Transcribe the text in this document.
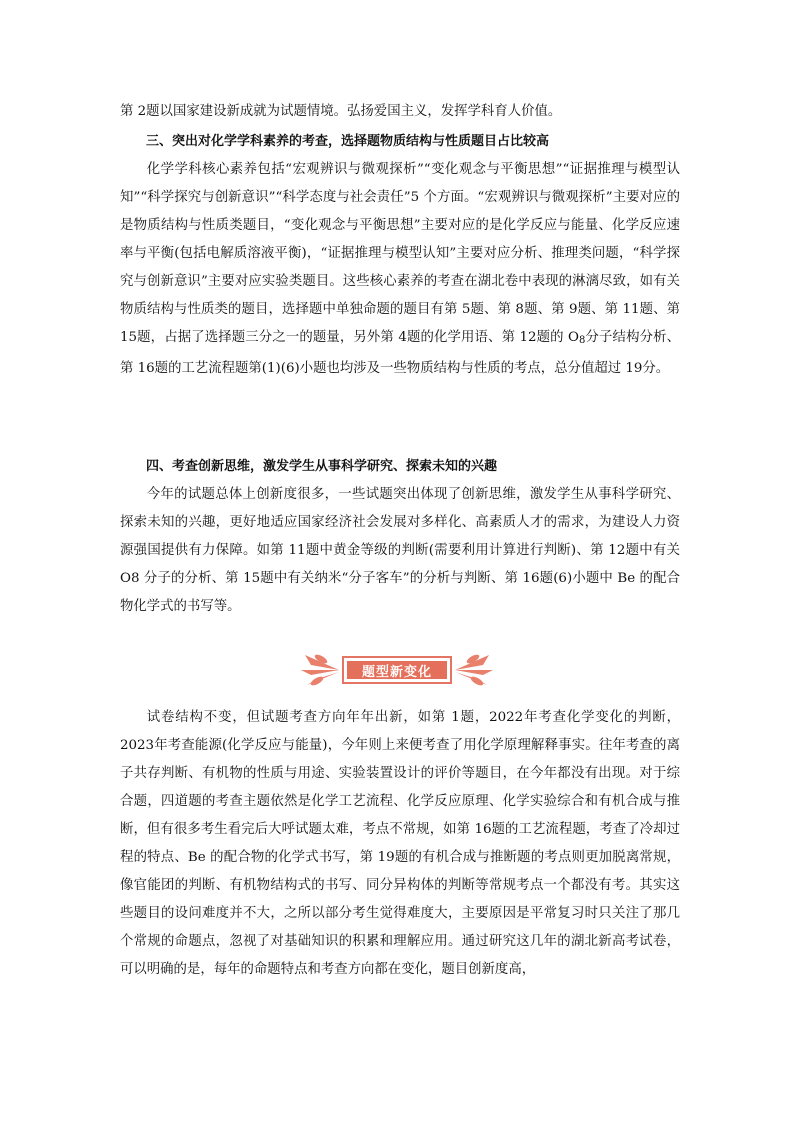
第 2题以国家建设新成就为试题情境。弘扬爱国主义，发挥学科育人价值。

三、突出对化学学科素养的考查，选择题物质结构与性质题目占比较高

化学学科核心素养包括“宏观辨识与微观探析”“变化观念与平衡思想”“证据推理与模型认知”“科学探究与创新意识”“科学态度与社会责任”5 个方面。“宏观辨识与微观探析”主要对应的是物质结构与性质类题目，“变化观念与平衡思想”主要对应的是化学反应与能量、化学反应速率与平衡(包括电解质溶液平衡)，“证据推理与模型认知”主要对应分析、推理类问题，“科学探究与创新意识”主要对应实验类题目。这些核心素养的考查在湖北卷中表现的淋漓尽致，如有关物质结构与性质类的题目，选择题中单独命题的题目有第 5题、第 8题、第 9题、第 11题、第 15题，占据了选择题三分之一的题量，另外第 4题的化学用语、第 12题的 $O_8$分子结构分析、第 16题的工艺流程题第(1)(6)小题也均涉及一些物质结构与性质的考点，总分值超过 19分。

四、考查创新思维，激发学生从事科学研究、探索未知的兴趣

今年的试题总体上创新度很多，一些试题突出体现了创新思维，激发学生从事科学研究、探索未知的兴趣，更好地适应国家经济社会发展对多样化、高素质人才的需求，为建设人力资源强国提供有力保障。如第 11题中黄金等级的判断(需要利用计算进行判断)、第 12题中有关 O8 分子的分析、第 15题中有关纳米“分子客车”的分析与判断、第 16题(6)小题中 Be 的配合物化学式的书写等。

题型新变化

试卷结构不变，但试题考查方向年年出新，如第 1题，2022年考查化学变化的判断，2023年考查能源(化学反应与能量)，今年则上来便考查了用化学原理解释事实。往年考查的离子共存判断、有机物的性质与用途、实验装置设计的评价等题目，在今年都没有出现。对于综合题，四道题的考查主题依然是化学工艺流程、化学反应原理、化学实验综合和有机合成与推断，但有很多考生看完后大呼试题太难，考点不常规，如第 16题的工艺流程题，考查了冷却过程的特点、Be 的配合物的化学式书写，第 19题的有机合成与推断题的考点则更加脱离常规，像官能团的判断、有机物结构式的书写、同分异构体的判断等常规考点一个都没有考。其实这些题目的设问难度并不大，之所以部分考生觉得难度大，主要原因是平常复习时只关注了那几个常规的命题点，忽视了对基础知识的积累和理解应用。通过研究这几年的湖北新高考试卷，可以明确的是，每年的命题特点和考查方向都在变化，题目创新度高，
